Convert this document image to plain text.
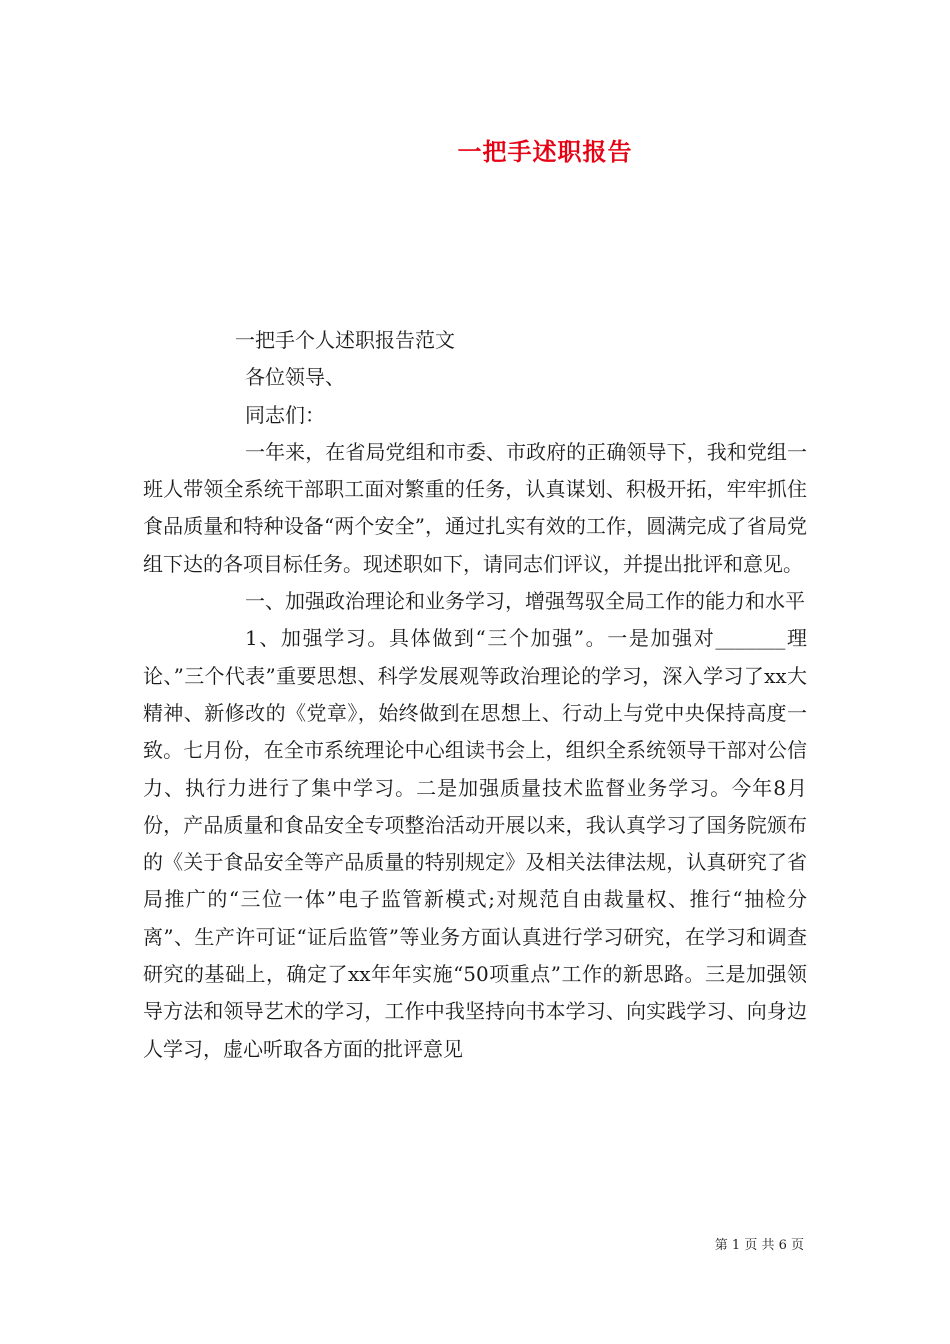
一把手述职报告

一把手个人述职报告范文

各位领导、

同志们：

一年来，在省局党组和市委、市政府的正确领导下，我和党组一班人带领全系统干部职工面对繁重的任务，认真谋划、积极开拓，牢牢抓住食品质量和特种设备“两个安全”，通过扎实有效的工作，圆满完成了省局党组下达的各项目标任务。现述职如下，请同志们评议，并提出批评和意见。

一、加强政治理论和业务学习，增强驾驭全局工作的能力和水平

1、加强学习。具体做到“三个加强”。一是加强对_______理论、”三个代表”重要思想、科学发展观等政治理论的学习，深入学习了xx大精神、新修改的《党章》，始终做到在思想上、行动上与党中央保持高度一致。七月份，在全市系统理论中心组读书会上，组织全系统领导干部对公信力、执行力进行了集中学习。二是加强质量技术监督业务学习。今年8月份，产品质量和食品安全专项整治活动开展以来，我认真学习了国务院颁布的《关于食品安全等产品质量的特别规定》及相关法律法规，认真研究了省局推广的“三位一体”电子监管新模式;对规范自由裁量权、推行“抽检分离”、生产许可证“证后监管”等业务方面认真进行学习研究，在学习和调查研究的基础上，确定了xx年年实施“50项重点”工作的新思路。三是加强领导方法和领导艺术的学习，工作中我坚持向书本学习、向实践学习、向身边人学习，虚心听取各方面的批评意见

第 1 页 共 6 页
